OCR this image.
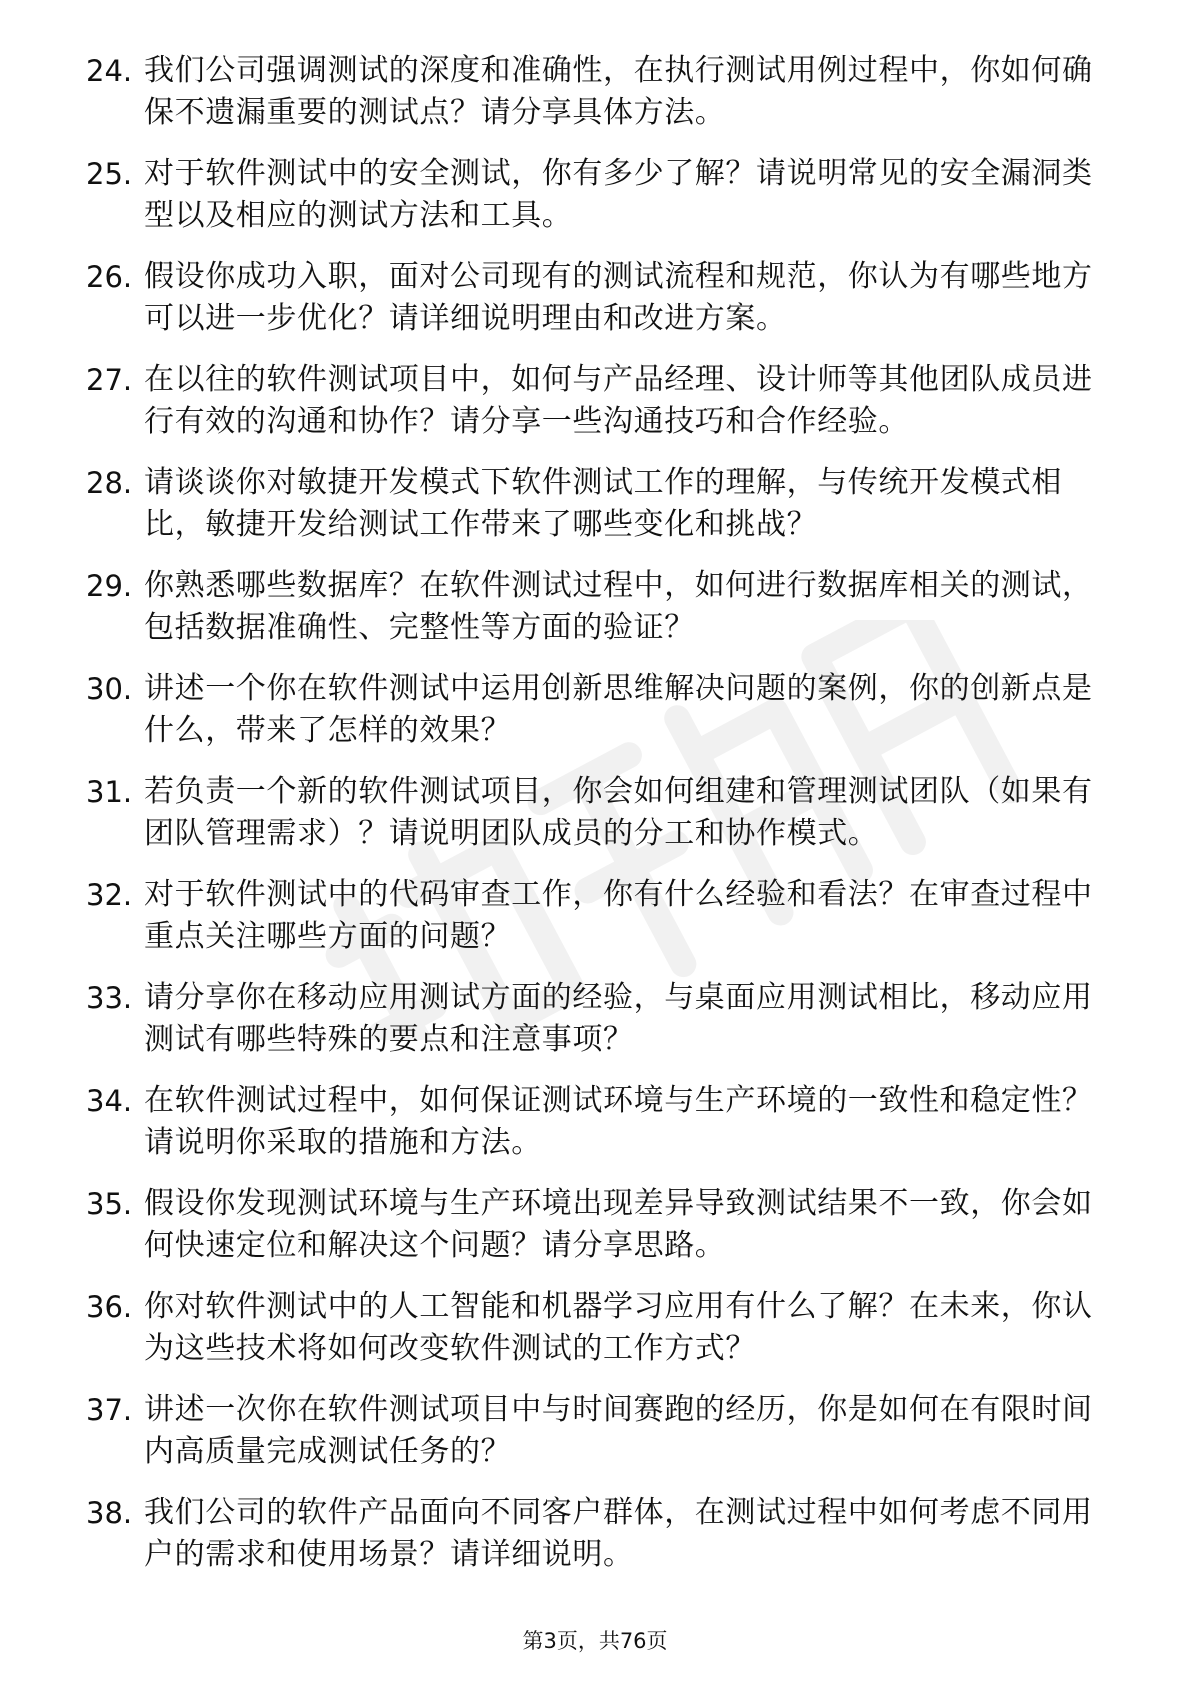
24. 我们公司强调测试的深度和准确性，在执行测试用例过程中，你如何确保不遗漏重要的测试点？请分享具体方法。
25. 对于软件测试中的安全测试，你有多少了解？请说明常见的安全漏洞类型以及相应的测试方法和工具。
26. 假设你成功入职，面对公司现有的测试流程和规范，你认为有哪些地方可以进一步优化？请详细说明理由和改进方案。
27. 在以往的软件测试项目中，如何与产品经理、设计师等其他团队成员进行有效的沟通和协作？请分享一些沟通技巧和合作经验。
28. 请谈谈你对敏捷开发模式下软件测试工作的理解，与传统开发模式相比，敏捷开发给测试工作带来了哪些变化和挑战？
29. 你熟悉哪些数据库？在软件测试过程中，如何进行数据库相关的测试，包括数据准确性、完整性等方面的验证？
30. 讲述一个你在软件测试中运用创新思维解决问题的案例，你的创新点是什么，带来了怎样的效果？
31. 若负责一个新的软件测试项目，你会如何组建和管理测试团队（如果有团队管理需求）？请说明团队成员的分工和协作模式。
32. 对于软件测试中的代码审查工作，你有什么经验和看法？在审查过程中重点关注哪些方面的问题？
33. 请分享你在移动应用测试方面的经验，与桌面应用测试相比，移动应用测试有哪些特殊的要点和注意事项？
34. 在软件测试过程中，如何保证测试环境与生产环境的一致性和稳定性？请说明你采取的措施和方法。
35. 假设你发现测试环境与生产环境出现差异导致测试结果不一致，你会如何快速定位和解决这个问题？请分享思路。
36. 你对软件测试中的人工智能和机器学习应用有什么了解？在未来，你认为这些技术将如何改变软件测试的工作方式？
37. 讲述一次你在软件测试项目中与时间赛跑的经历，你是如何在有限时间内高质量完成测试任务的？
38. 我们公司的软件产品面向不同客户群体，在测试过程中如何考虑不同用户的需求和使用场景？请详细说明。
第3页，共76页
